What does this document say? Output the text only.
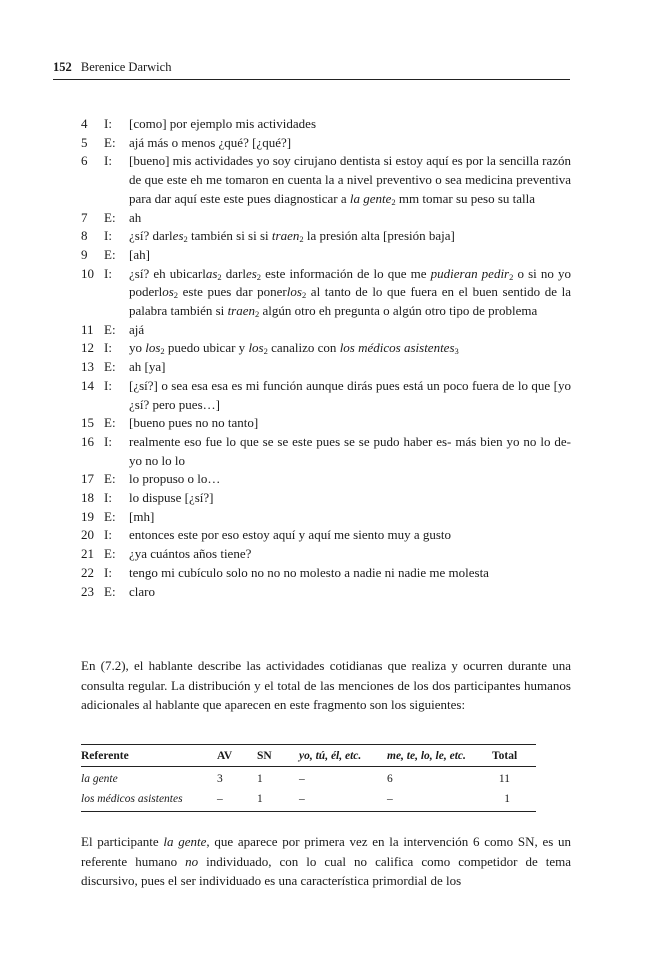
152 Berenice Darwich
4	I:	[como] por ejemplo mis actividades
5	E:	ajá más o menos ¿qué? [¿qué?]
6	I:	[bueno] mis actividades yo soy cirujano dentista si estoy aquí es por la sencilla razón de que este eh me tomaron en cuenta la a nivel preventivo o sea medicina preventiva para dar aquí este este pues diagnosticar a la gente$_2$ mm tomar su peso su talla
7	E:	ah
8	I:	¿sí? darles$_2$ también si si si traen$_2$ la presión alta [presión baja]
9	E:	[ah]
10 I:	¿sí? eh ubicarlas$_2$ darles$_2$ este información de lo que me pudieran pedir$_2$ o si no yo poderlos$_2$ este pues dar ponerlos$_2$ al tanto de lo que fuera en el buen sentido de la palabra también si traen$_2$ algún otro eh pregunta o algún otro tipo de problema
11 E:	ajá
12 I:	yo los$_2$ puedo ubicar y los$_2$ canalizo con los médicos asistentes$_3$
13 E:	ah [ya]
14 I:	[¿sí?] o sea esa esa es mi función aunque dirás pues está un poco fuera de lo que [yo ¿sí? pero pues…]
15 E:	[bueno pues no no tanto]
16 I:	realmente eso fue lo que se se este pues se se pudo haber es- más bien yo no lo de- yo no lo lo
17 E:	lo propuso o lo…
18 I:	lo dispuse [¿sí?]
19 E:	[mh]
20 I:	entonces este por eso estoy aquí y aquí me siento muy a gusto
21 E:	¿ya cuántos años tiene?
22 I:	tengo mi cubículo solo no no no molesto a nadie ni nadie me molesta
23 E:	claro

En (7.2), el hablante describe las actividades cotidianas que realiza y ocurren durante una consulta regular. La distribución y el total de las menciones de los dos participantes humanos adicionales al hablante que aparecen en este fragmento son los siguientes:

Referente	AV	SN	yo, tú, él, etc.	me, te, lo, le, etc.	Total
la gente	3	1	–	6	11
los médicos asistentes	–	1	–	–	1

El participante la gente, que aparece por primera vez en la intervención 6 como SN, es un referente humano no individuado, con lo cual no califica como competidor de tema discursivo, pues el ser individuado es una característica primordial de los
